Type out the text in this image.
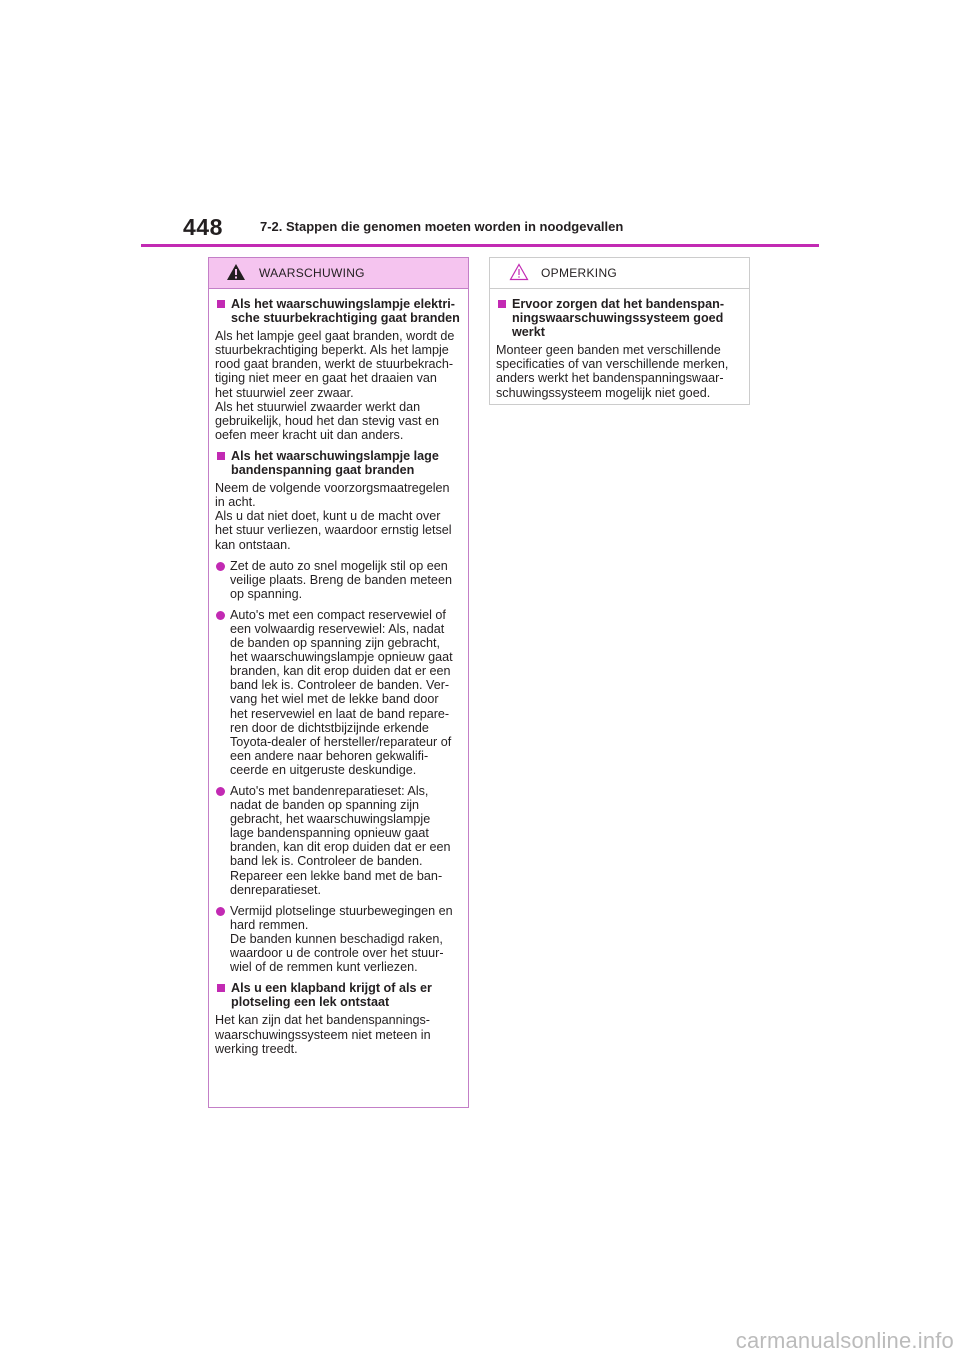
448	7-2. Stappen die genomen moeten worden in noodgevallen
WAARSCHUWING
Als het waarschuwingslampje elektri-
sche stuurbekrachtiging gaat branden
Als het lampje geel gaat branden, wordt de
stuurbekrachtiging beperkt. Als het lampje
rood gaat branden, werkt de stuurbekrach-
tiging niet meer en gaat het draaien van
het stuurwiel zeer zwaar.
Als het stuurwiel zwaarder werkt dan
gebruikelijk, houd het dan stevig vast en
oefen meer kracht uit dan anders.
Als het waarschuwingslampje lage
bandenspanning gaat branden
Neem de volgende voorzorgsmaatregelen
in acht.
Als u dat niet doet, kunt u de macht over
het stuur verliezen, waardoor ernstig letsel
kan ontstaan.
Zet de auto zo snel mogelijk stil op een
veilige plaats. Breng de banden meteen
op spanning.
Auto's met een compact reservewiel of
een volwaardig reservewiel: Als, nadat
de banden op spanning zijn gebracht,
het waarschuwingslampje opnieuw gaat
branden, kan dit erop duiden dat er een
band lek is. Controleer de banden. Ver-
vang het wiel met de lekke band door
het reservewiel en laat de band repare-
ren door de dichtstbijzijnde erkende
Toyota-dealer of hersteller/reparateur of
een andere naar behoren gekwalifi-
ceerde en uitgeruste deskundige.
Auto's met bandenreparatieset: Als,
nadat de banden op spanning zijn
gebracht, het waarschuwingslampje
lage bandenspanning opnieuw gaat
branden, kan dit erop duiden dat er een
band lek is. Controleer de banden.
Repareer een lekke band met de ban-
denreparatieset.
Vermijd plotselinge stuurbewegingen en
hard remmen.
De banden kunnen beschadigd raken,
waardoor u de controle over het stuur-
wiel of de remmen kunt verliezen.
Als u een klapband krijgt of als er
plotseling een lek ontstaat
Het kan zijn dat het bandenspannings-
waarschuwingssysteem niet meteen in
werking treedt.
OPMERKING
Ervoor zorgen dat het bandenspan-
ningswaarschuwingssysteem goed
werkt
Monteer geen banden met verschillende
specificaties of van verschillende merken,
anders werkt het bandenspanningswaar-
schuwingssysteem mogelijk niet goed.
carmanualsonline.info
